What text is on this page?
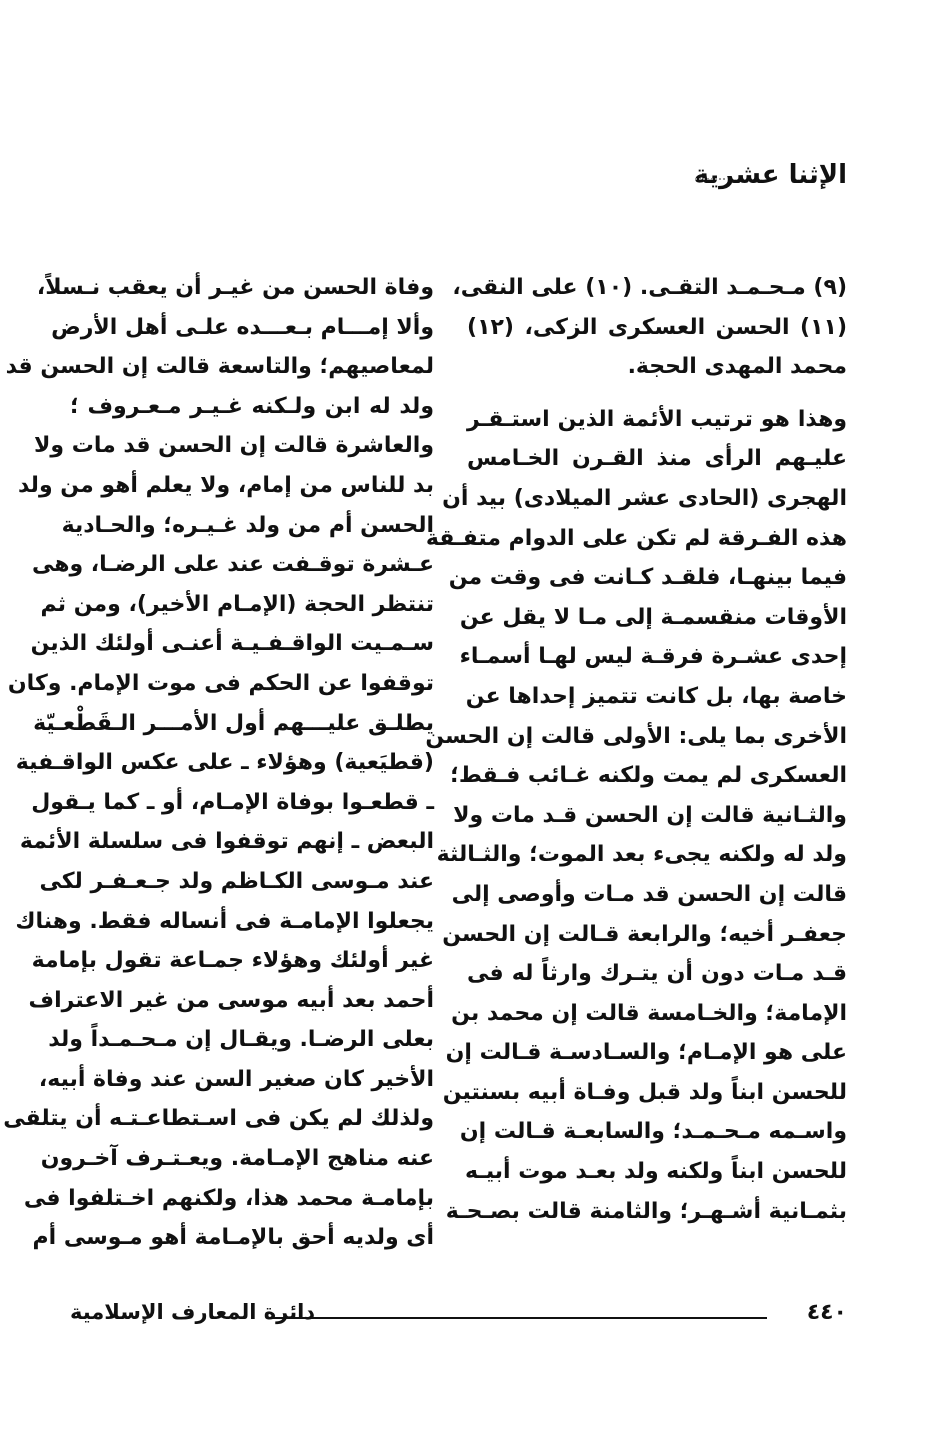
الإثنا عشرية
(٩) مـحـمـد التقـى. (١٠) على النقى،
(١١) الحسن العسكرى الزكى، (١٢)
محمد المهدى الحجة.
وهذا هو ترتيب الأئمة الذين استـقـر
عليـهم الرأى منذ القـرن الخـامس
الهجرى (الحادى عشر الميلادى) بيد أن
هذه الفـرقة لم تكن على الدوام متفـقة
فيما بينهـا، فلقـد كـانت فى وقت من
الأوقات منقسمـة إلى مـا لا يقل عن
إحدى عشـرة فرقـة ليس لهـا أسمـاء
خاصة بها، بل كانت تتميز إحداها عن
الأخرى بما يلى: الأولى قالت إن الحسن
العسكرى لم يمت ولكنه غـائب فـقط؛
والثـانية قالت إن الحسن قـد مات ولا
ولد له ولكنه يجىء بعد الموت؛ والثـالثة
قالت إن الحسن قد مـات وأوصى إلى
جعفـر أخيه؛ والرابعة قـالت إن الحسن
قـد مـات دون أن يتـرك وارثاً له فى
الإمامة؛ والخـامسة قالت إن محمد بن
على هو الإمـام؛ والسـادسـة قـالت إن
للحسن ابناً ولد قبل وفـاة أبيه بسنتين
واسـمه مـحـمـد؛ والسابعـة قـالت إن
للحسن ابناً ولكنه ولد بعـد موت أبيـه
بثمـانية أشـهـر؛ والثامنة قالت بصـحـة
وفاة الحسن من غيـر أن يعقب نـسلاً،
وألا إمـــام بـعـــده علـى أهل الأرض
لمعاصيهم؛ والتاسعة قالت إن الحسن قد
ولد له ابن ولـكنه غـيـر مـعـروف ؛
والعاشرة قالت إن الحسن قد مات ولا
بد للناس من إمام، ولا يعلم أهو من ولد
الحسن أم من ولد غـيـره؛ والحـادية
عـشرة توقـفت عند على الرضـا، وهى
تنتظر الحجة (الإمـام الأخير)، ومن ثم
سـمـيت الواقـفـيـة أعنـى أولئك الذين
توقفوا عن الحكم فى موت الإمام. وكان
يطلـق عليـــهم أول الأمـــر الـقَطْعـيّة
(قطيَعية) وهؤلاء ـ على عكس الواقـفية
ـ قطعـوا بوفاة الإمـام، أو ـ كما يـقول
البعض ـ إنهم توقفوا فى سلسلة الأئمة
عند مـوسى الكـاظم ولد جـعـفـر لكى
يجعلوا الإمامـة فى أنساله فقط. وهناك
غير أولئك وهؤلاء جمـاعة تقول بإمامة
أحمد بعد أبيه موسى من غير الاعتراف
بعلى الرضـا. ويقـال إن مـحـمـداً ولد
الأخير كان صغير السن عند وفاة أبيه،
ولذلك لم يكن فى اسـتطاعـتـه أن يتلقى
عنه مناهج الإمـامة. ويعـتـرف آخـرون
بإمامـة محمد هذا، ولكنهم اخـتلفوا فى
أى ولديه أحق بالإمـامة أهو مـوسى أم
٤٤٠
دائرة المعارف الإسلامية
